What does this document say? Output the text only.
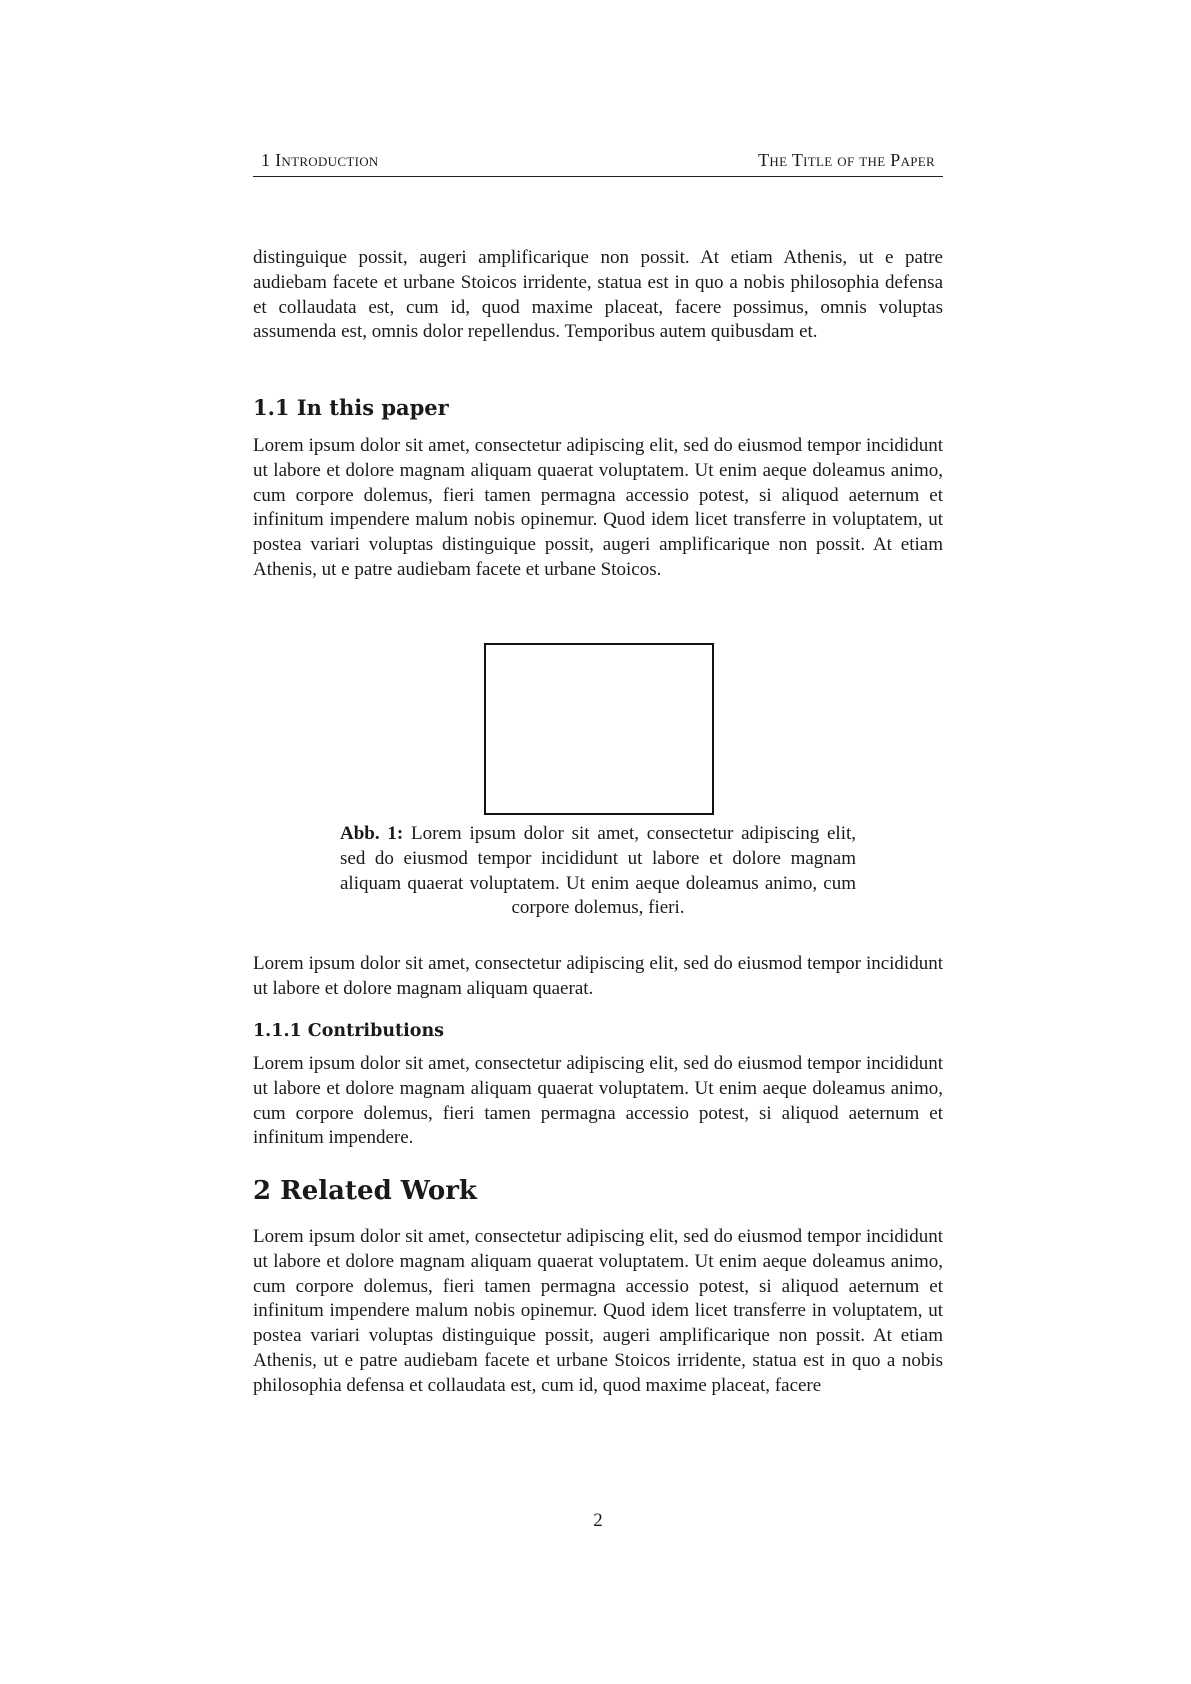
1 Introduction	The Title of the Paper

distinguique possit, augeri amplificarique non possit. At etiam Athenis, ut e patre audiebam facete et urbane Stoicos irridente, statua est in quo a nobis philosophia defensa et collaudata est, cum id, quod maxime placeat, facere possimus, omnis voluptas assumenda est, omnis dolor repellendus. Temporibus autem quibusdam et.

1.1 In this paper

Lorem ipsum dolor sit amet, consectetur adipiscing elit, sed do eiusmod tempor incididunt ut labore et dolore magnam aliquam quaerat voluptatem. Ut enim aeque doleamus animo, cum corpore dolemus, fieri tamen permagna accessio potest, si aliquod aeternum et infinitum impendere malum nobis opinemur. Quod idem licet transferre in voluptatem, ut postea variari voluptas distinguique possit, augeri amplificarique non possit. At etiam Athenis, ut e patre audiebam facete et urbane Stoicos.

Abb. 1: Lorem ipsum dolor sit amet, consectetur adipiscing elit, sed do eiusmod tempor incididunt ut labore et dolore magnam aliquam quaerat voluptatem. Ut enim aeque doleamus animo, cum corpore dolemus, fieri.

Lorem ipsum dolor sit amet, consectetur adipiscing elit, sed do eiusmod tempor incididunt ut labore et dolore magnam aliquam quaerat.

1.1.1 Contributions

Lorem ipsum dolor sit amet, consectetur adipiscing elit, sed do eiusmod tempor incididunt ut labore et dolore magnam aliquam quaerat voluptatem. Ut enim aeque doleamus animo, cum corpore dolemus, fieri tamen permagna accessio potest, si aliquod aeternum et infinitum impendere.

2 Related Work

Lorem ipsum dolor sit amet, consectetur adipiscing elit, sed do eiusmod tempor incididunt ut labore et dolore magnam aliquam quaerat voluptatem. Ut enim aeque doleamus animo, cum corpore dolemus, fieri tamen permagna accessio potest, si aliquod aeternum et infinitum impendere malum nobis opinemur. Quod idem licet transferre in voluptatem, ut postea variari voluptas distinguique possit, augeri amplificarique non possit. At etiam Athenis, ut e patre audiebam facete et urbane Stoicos irridente, statua est in quo a nobis philosophia defensa et collaudata est, cum id, quod maxime placeat, facere

2
